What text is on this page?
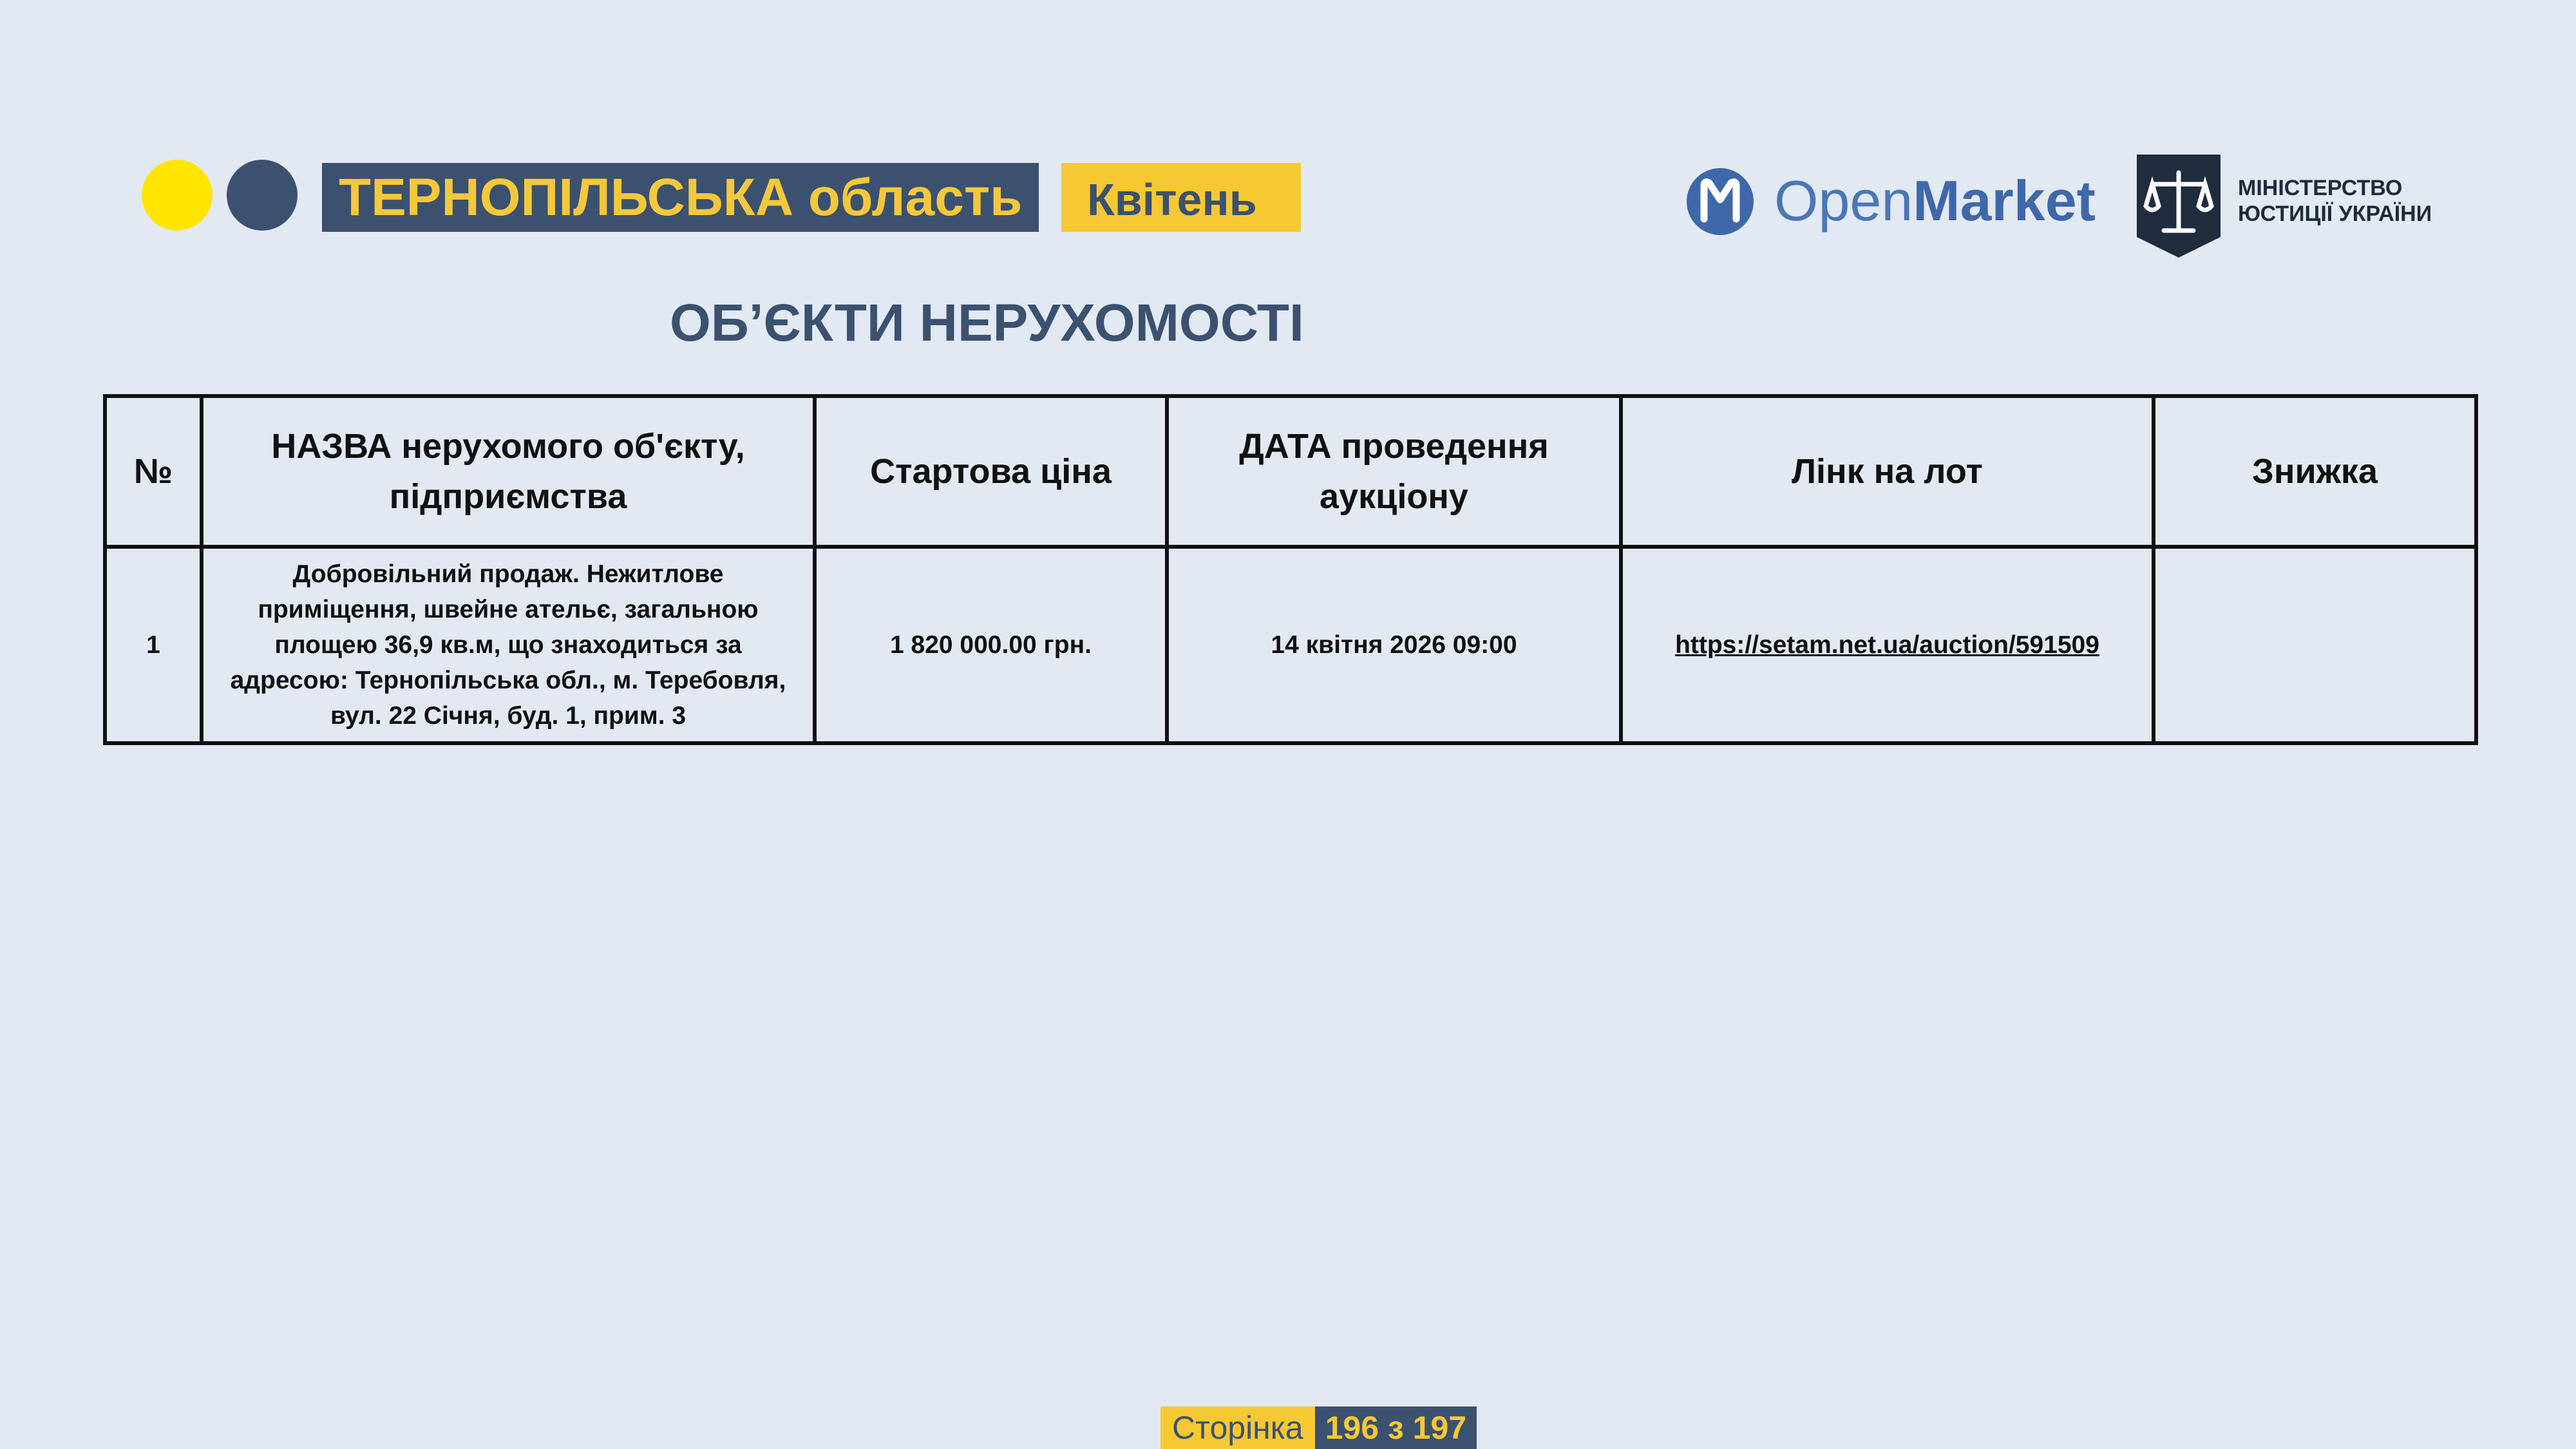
ТЕРНОПІЛЬСЬКА область	Квітень	OpenMarket	МІНІСТЕРСТВО
ЮСТИЦІЇ УКРАЇНИ
ОБ’ЄКТИ НЕРУХОМОСТІ
№	НАЗВА нерухомого об'єкту, підприємства	Стартова ціна	ДАТА проведення аукціону	Лінк на лот	Знижка
1	Добровільний продаж. Нежитлове приміщення, швейне ательє, загальною площею 36,9 кв.м, що знаходиться за адресою: Тернопільська обл., м. Теребовля, вул. 22 Січня, буд. 1, прим. 3	1 820 000.00 грн.	14 квітня 2026 09:00	https://setam.net.ua/auction/591509	
Сторінка 196 з 197
